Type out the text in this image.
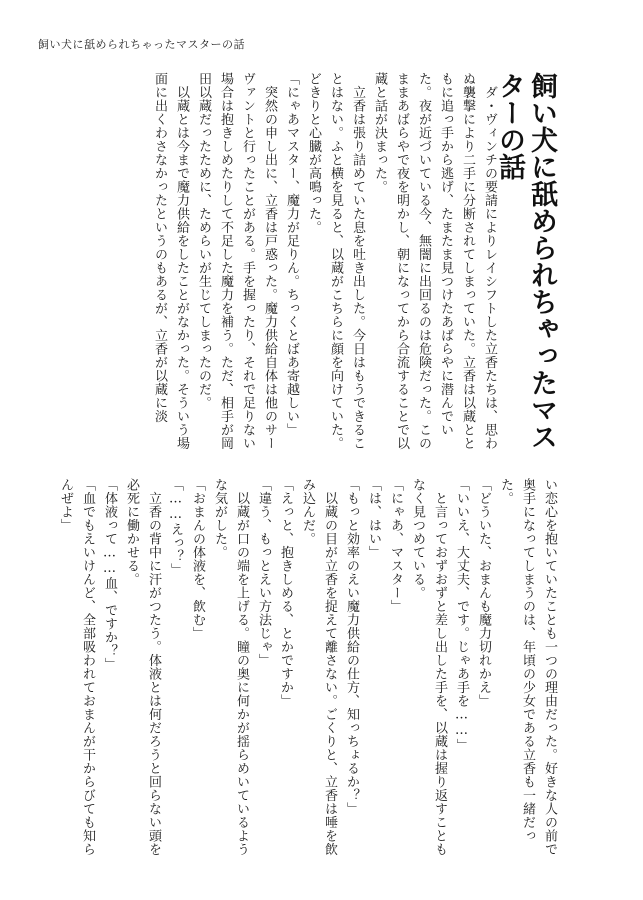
飼い犬に舐められちゃったマスターの話
飼い犬に舐められちゃったマスターの話

　ダ・ヴィンチの要請によりレイシフトした立香たちは、思わぬ襲撃により二手に分断されてしまっていた。立香は以蔵とともに追っ手から逃げ、たまたま見つけたあばらやに潜んでいた。夜が近づいている今、無闇に出回るのは危険だった。このままあばらやで夜を明かし、朝になってから合流することで以蔵と話が決まった。

　立香は張り詰めていた息を吐き出した。今日はもうできることはない。ふと横を見ると、以蔵がこちらに顔を向けていた。どきりと心臓が高鳴った。

「にゃあマスター、魔力が足りん。ちっくとばあ寄越しい」

　突然の申し出に、立香は戸惑った。魔力供給自体は他のサーヴァントと行ったことがある。手を握ったり、それで足りない場合は抱きしめたりして不足した魔力を補う。ただ、相手が岡田以蔵だったために、ためらいが生じてしまったのだ。

　以蔵とは今まで魔力供給をしたことがなかった。そういう場面に出くわさなかったというのもあるが、立香が以蔵に淡

い恋心を抱いていたことも一つの理由だった。好きな人の前で奥手になってしまうのは、年頃の少女である立香も一緒だった。

「どういた、おまんも魔力切れかえ」

「いいえ、大丈夫、です。じゃあ手を……」

　と言っておずおずと差し出した手を、以蔵は握り返すこともなく見つめている。

「にゃあ、マスター」

「は、はい」

「もっと効率のえい魔力供給の仕方、知っちょるか？」

　以蔵の目が立香を捉えて離さない。ごくりと、立香は唾を飲み込んだ。

「えっと、抱きしめる、とかですか」

「違う、もっとえい方法じゃ」

　以蔵が口の端を上げる。瞳の奥に何かが揺らめいているような気がした。

「おまんの体液を、飲む」

「……えっ？」

　立香の背中に汗がつたう。体液とは何だろうと回らない頭を必死に働かせる。

「体液って……血、ですか？」

「血でもえいけんど、全部吸われておまんが干からびても知らんぜよ」
